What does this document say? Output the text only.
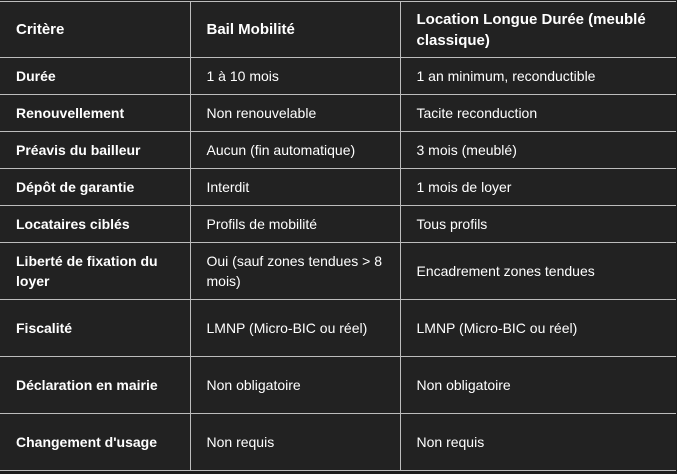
Critère	Bail Mobilité	Location Longue Durée (meublé classique)
Durée	1 à 10 mois	1 an minimum, reconductible
Renouvellement	Non renouvelable	Tacite reconduction
Préavis du bailleur	Aucun (fin automatique)	3 mois (meublé)
Dépôt de garantie	Interdit	1 mois de loyer
Locataires ciblés	Profils de mobilité	Tous profils
Liberté de fixation du loyer	Oui (sauf zones tendues > 8 mois)	Encadrement zones tendues
Fiscalité	LMNP (Micro-BIC ou réel)	LMNP (Micro-BIC ou réel)
Déclaration en mairie	Non obligatoire	Non obligatoire
Changement d'usage	Non requis	Non requis
